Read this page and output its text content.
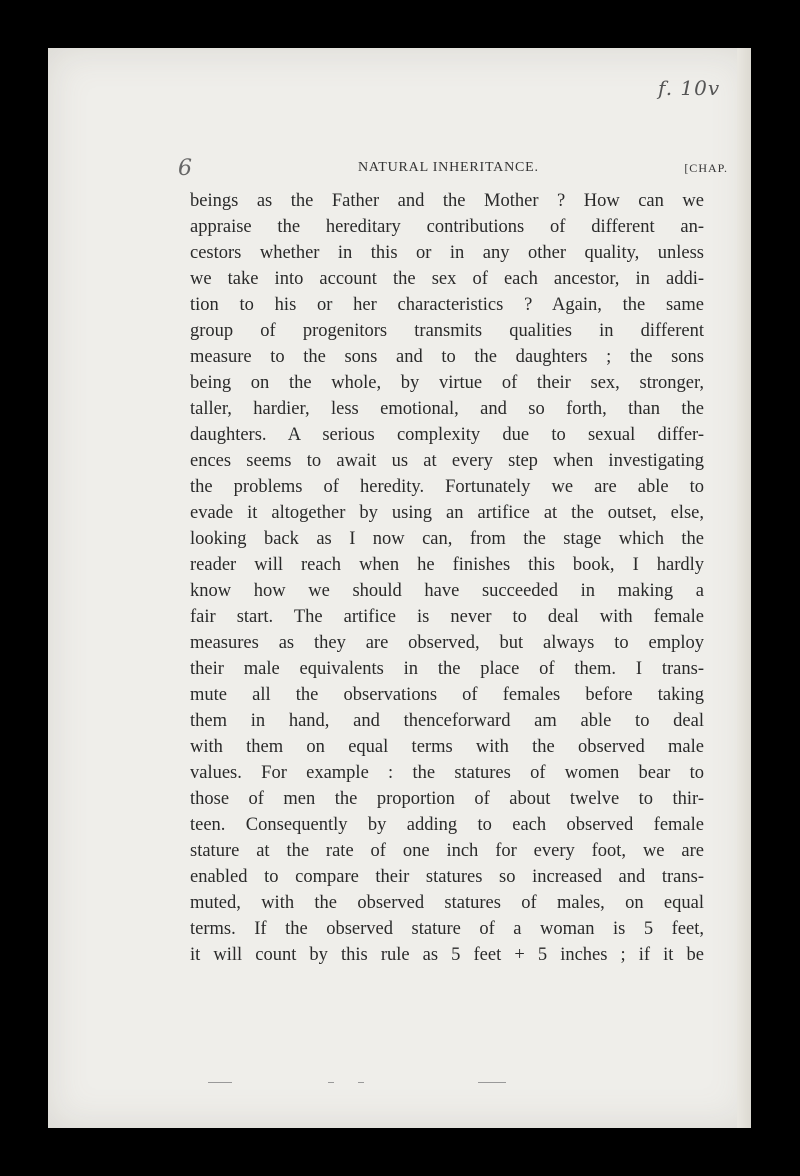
f. 10v
6	NATURAL INHERITANCE.	[CHAP.
beings as the Father and the Mother ? How can we
appraise the hereditary contributions of different an-
cestors whether in this or in any other quality, unless
we take into account the sex of each ancestor, in addi-
tion to his or her characteristics ? Again, the same
group of progenitors transmits qualities in different
measure to the sons and to the daughters ; the sons
being on the whole, by virtue of their sex, stronger,
taller, hardier, less emotional, and so forth, than the
daughters. A serious complexity due to sexual differ-
ences seems to await us at every step when investigating
the problems of heredity. Fortunately we are able to
evade it altogether by using an artifice at the outset, else,
looking back as I now can, from the stage which the
reader will reach when he finishes this book, I hardly
know how we should have succeeded in making a
fair start. The artifice is never to deal with female
measures as they are observed, but always to employ
their male equivalents in the place of them. I trans-
mute all the observations of females before taking
them in hand, and thenceforward am able to deal
with them on equal terms with the observed male
values. For example : the statures of women bear to
those of men the proportion of about twelve to thir-
teen. Consequently by adding to each observed female
stature at the rate of one inch for every foot, we are
enabled to compare their statures so increased and trans-
muted, with the observed statures of males, on equal
terms. If the observed stature of a woman is 5 feet,
it will count by this rule as 5 feet + 5 inches ; if it be
